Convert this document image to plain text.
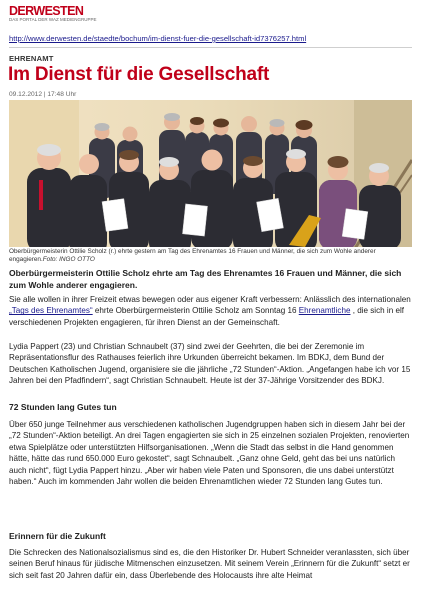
DERWESTEN
DAS PORTAL DER WAZ MEDIENGRUPPE
http://www.derwesten.de/staedte/bochum/im-dienst-fuer-die-gesellschaft-id7376257.html
EHRENAMT
Im Dienst für die Gesellschaft
09.12.2012 | 17:48 Uhr
Oberbürgermeisterin Ottilie Scholz (r.) ehrte gestern am Tag des Ehrenamtes 16 Frauen und Männer, die sich zum Wohle anderer engagieren.Foto: INGO OTTO
Oberbürgermeisterin Ottilie Scholz ehrte am Tag des Ehrenamtes 16 Frauen und Männer, die sich zum Wohle anderer engagieren.
Sie alle wollen in ihrer Freizeit etwas bewegen oder aus eigener Kraft verbessern: Anlässlich des internationalen „Tags des Ehrenamtes“ ehrte Oberbürgermeisterin Ottilie Scholz am Sonntag 16 Ehrenamtliche , die sich in elf verschiedenen Projekten engagieren, für ihren Dienst an der Gemeinschaft.
Lydia Pappert (23) und Christian Schnaubelt (37) sind zwei der Geehrten, die bei der Zeremonie im Repräsentationsflur des Rathauses feierlich ihre Urkunden überreicht bekamen. Im BDKJ, dem Bund der Deutschen Katholischen Jugend, organisiere sie die jährliche „72 Stunden“-Aktion. „Angefangen habe ich vor 15 Jahren bei den Pfadfindern“, sagt Christian Schnaubelt. Heute ist der 37-Jährige Vorsitzender des BDKJ.
72 Stunden lang Gutes tun
Über 650 junge Teilnehmer aus verschiedenen katholischen Jugendgruppen haben sich in diesem Jahr bei der „72 Stunden“-Aktion beteiligt. An drei Tagen engagierten sie sich in 25 einzelnen sozialen Projekten, renovierten etwa Spielplätze oder unterstützten Hilfsorganisationen. „Wenn die Stadt das selbst in die Hand genommen hätte, hätte das rund 650.000 Euro gekostet“, sagt Schnaubelt. „Ganz ohne Geld, geht das bei uns natürlich auch nicht“, fügt Lydia Pappert hinzu. „Aber wir haben viele Paten und Sponsoren, die uns dabei unterstützt haben.“ Auch im kommenden Jahr wollen die beiden Ehrenamtlichen wieder 72 Stunden lang Gutes tun.
Erinnern für die Zukunft
Die Schrecken des Nationalsozialismus sind es, die den Historiker Dr. Hubert Schneider veranlassten, sich über seinen Beruf hinaus für jüdische Mitmenschen einzusetzen. Mit seinem Verein „Erinnern für die Zukunft“ setzt er sich seit fast 20 Jahren dafür ein, dass Überlebende des Holocausts ihre alte Heimat
